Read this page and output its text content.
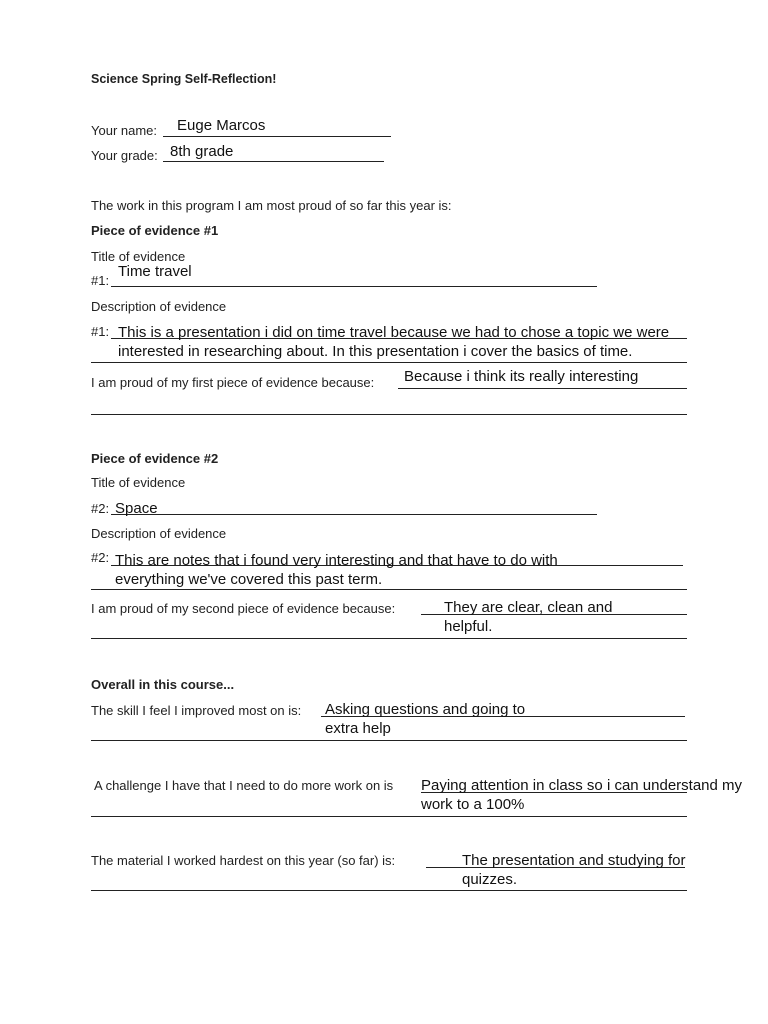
Science Spring Self-Reflection!
Your name: Euge Marcos
Your grade: 8th grade
The work in this program I am most proud of so far this year is:
Piece of evidence #1
Title of evidence
#1:
Time travel
Description of evidence
#1: This is a presentation i did on time travel because we had to chose a topic we were interested in researching about. In this presentation i cover the basics of time.
I am proud of my first piece of evidence because: Because i think its really interesting
Piece of evidence #2
Title of evidence
#2: Space
Description of evidence
#2: This are notes that i found very interesting and that have to do with everything we've covered this past term.
I am proud of my second piece of evidence because:	They are clear, clean and helpful.
Overall in this course...
The skill I feel I improved most on is: Asking questions and going to extra help
A challenge I have that I need to do more work on is Paying attention in class so i can understand my work to a 100%
The material I worked hardest on this year (so far) is:	The presentation and studying for quizzes.
